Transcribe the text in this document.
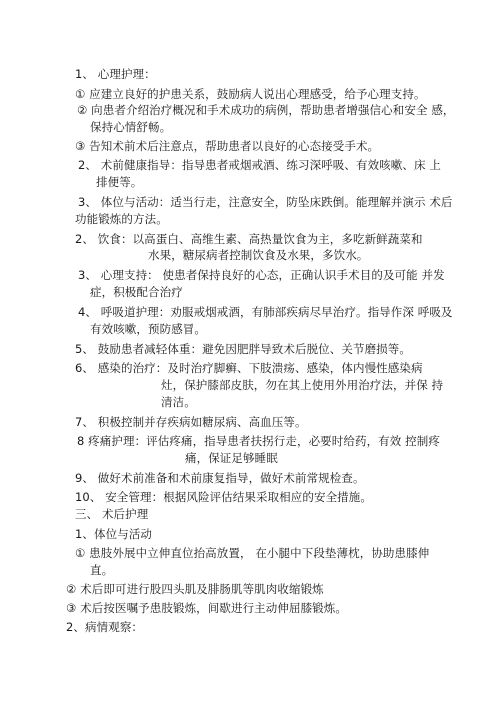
1、 心理护理：
① 应建立良好的护患关系，鼓励病人说出心理感受，给予心理支持。
② 向患者介绍治疗概况和手术成功的病例，帮助患者增强信心和安全 感，
保持心情舒畅。
③ 告知术前术后注意点，帮助患者以良好的心态接受手术。
2、 术前健康指导：指导患者戒烟戒酒、练习深呼吸、有效咳嗽、床 上
排便等。
3、 体位与活动：适当行走，注意安全，防坠床跌倒。能理解并演示 术后
功能锻炼的方法。
2、 饮食：以高蛋白、高维生素、高热量饮食为主，多吃新鲜蔬菜和
水果，糖尿病者控制饮食及水果，多饮水。
3、 心理支持： 使患者保持良好的心态，正确认识手术目的及可能 并发
症，积极配合治疗
4、 呼吸道护理：劝服戒烟戒酒，有肺部疾病尽早治疗。指导作深 呼吸及
有效咳嗽，预防感冒。
5、 鼓励患者减轻体重：避免因肥胖导致术后脱位、关节磨损等。
6、 感染的治疗：及时治疗脚癣、下肢溃疡、感染，体内慢性感染病
灶，保护膝部皮肤，勿在其上使用外用治疗法，并保 持
清洁。
7、 积极控制并存疾病如糖尿病、高血压等。
8 疼痛护理：评估疼痛，指导患者扶拐行走，必要时给药，有效 控制疼
痛，保证足够睡眠
9、 做好术前准备和术前康复指导，做好术前常规检查。
10、 安全管理：根据风险评估结果采取相应的安全措施。
三、 术后护理
1、体位与活动
① 患肢外展中立伸直位抬高放置， 在小腿中下段垫薄枕，协助患膝伸
直。
② 术后即可进行股四头肌及腓肠肌等肌肉收缩锻炼
③ 术后按医嘱予患肢锻炼，间歇进行主动伸屈膝锻炼。
2、病情观察：
